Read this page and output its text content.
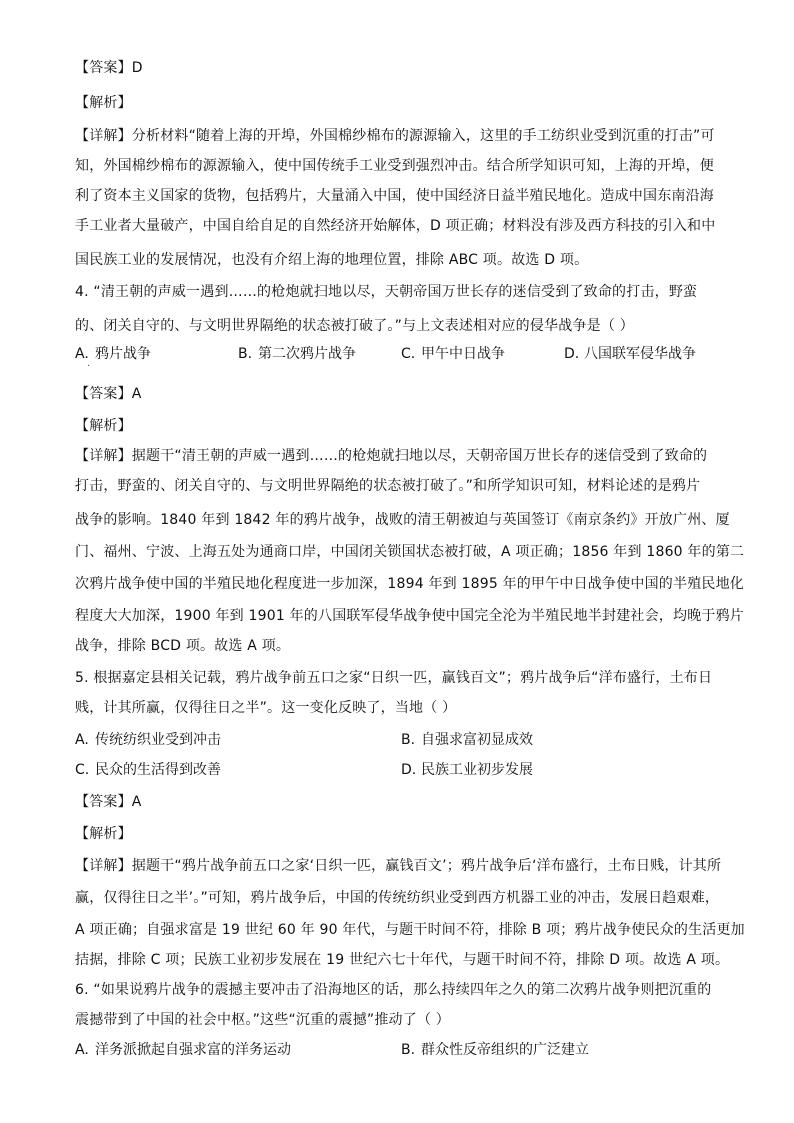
【答案】D
【解析】
【详解】分析材料“随着上海的开埠，外国棉纱棉布的源源输入，这里的手工纺织业受到沉重的打击”可
知，外国棉纱棉布的源源输入，使中国传统手工业受到强烈冲击。结合所学知识可知，上海的开埠，便
利了资本主义国家的货物，包括鸦片，大量涌入中国，使中国经济日益半殖民地化。造成中国东南沿海
手工业者大量破产，中国自给自足的自然经济开始解体，D 项正确；材料没有涉及西方科技的引入和中
国民族工业的发展情况，也没有介绍上海的地理位置，排除 ABC 项。故选 D 项。
4. “清王朝的声威一遇到……的枪炮就扫地以尽，天朝帝国万世长存的迷信受到了致命的打击，野蛮
的、闭关自守的、与文明世界隔绝的状态被打破了。”与上文表述相对应的侵华战争是（ ）
A. 鸦片战争	B. 第二次鸦片战争	C. 甲午中日战争	D. 八国联军侵华战争
·
【答案】A
【解析】
【详解】据题干“清王朝的声威一遇到……的枪炮就扫地以尽，天朝帝国万世长存的迷信受到了致命的
打击，野蛮的、闭关自守的、与文明世界隔绝的状态被打破了。”和所学知识可知，材料论述的是鸦片
战争的影响。1840 年到 1842 年的鸦片战争，战败的清王朝被迫与英国签订《南京条约》开放广州、厦
门、福州、宁波、上海五处为通商口岸，中国闭关锁国状态被打破，A 项正确；1856 年到 1860 年的第二
次鸦片战争使中国的半殖民地化程度进一步加深，1894 年到 1895 年的甲午中日战争使中国的半殖民地化
程度大大加深，1900 年到 1901 年的八国联军侵华战争使中国完全沦为半殖民地半封建社会，均晚于鸦片
战争，排除 BCD 项。故选 A 项。
5. 根据嘉定县相关记载，鸦片战争前五口之家“日织一匹，赢钱百文”；鸦片战争后“洋布盛行，土布日
贱，计其所赢，仅得往日之半”。这一变化反映了，当地（ ）
A. 传统纺织业受到冲击	B. 自强求富初显成效
C. 民众的生活得到改善	D. 民族工业初步发展
【答案】A
【解析】
【详解】据题干“鸦片战争前五口之家‘日织一匹，赢钱百文’；鸦片战争后‘洋布盛行，土布日贱，计其所
赢，仅得往日之半’。”可知，鸦片战争后，中国的传统纺织业受到西方机器工业的冲击，发展日趋艰难，
A 项正确；自强求富是 19 世纪 60 年 90 年代，与题干时间不符，排除 B 项；鸦片战争使民众的生活更加
拮据，排除 C 项；民族工业初步发展在 19 世纪六七十年代，与题干时间不符，排除 D 项。故选 A 项。
6. “如果说鸦片战争的震撼主要冲击了沿海地区的话，那么持续四年之久的第二次鸦片战争则把沉重的
震撼带到了中国的社会中枢。”这些“沉重的震撼”推动了（ ）
A. 洋务派掀起自强求富的洋务运动	B. 群众性反帝组织的广泛建立
